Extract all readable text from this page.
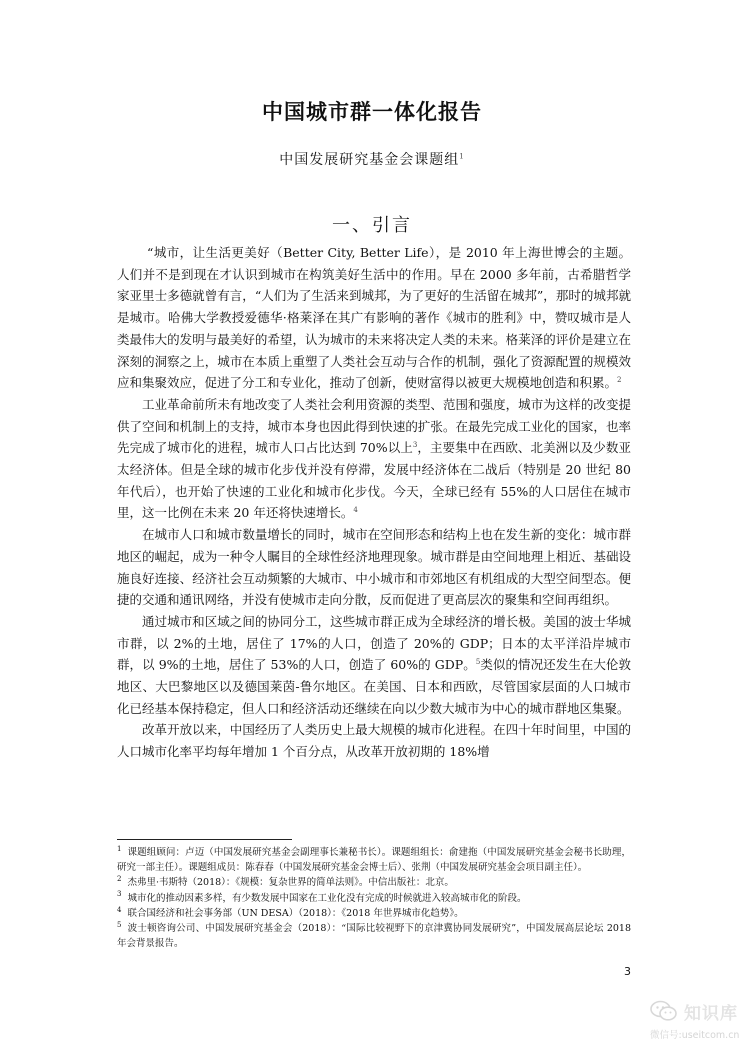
中国城市群一体化报告
中国发展研究基金会课题组$^1$
一、引言

“城市，让生活更美好（Better City, Better Life），是 2010 年上海世博会的主题。人们并不是到现在才认识到城市在构筑美好生活中的作用。早在 2000 多年前，古希腊哲学家亚里士多德就曾有言，“人们为了生活来到城邦，为了更好的生活留在城邦”，那时的城邦就是城市。哈佛大学教授爱德华·格莱泽在其广有影响的著作《城市的胜利》中，赞叹城市是人类最伟大的发明与最美好的希望，认为城市的未来将决定人类的未来。格莱泽的评价是建立在深刻的洞察之上，城市在本质上重塑了人类社会互动与合作的机制，强化了资源配置的规模效应和集聚效应，促进了分工和专业化，推动了创新，使财富得以被更大规模地创造和积累。$^2$

工业革命前所未有地改变了人类社会利用资源的类型、范围和强度，城市为这样的改变提供了空间和机制上的支持，城市本身也因此得到快速的扩张。在最先完成工业化的国家，也率先完成了城市化的进程，城市人口占比达到 70%以上$^3$，主要集中在西欧、北美洲以及少数亚太经济体。但是全球的城市化步伐并没有停滞，发展中经济体在二战后（特别是 20 世纪 80 年代后），也开始了快速的工业化和城市化步伐。今天，全球已经有 55%的人口居住在城市里，这一比例在未来 20 年还将快速增长。$^4$

在城市人口和城市数量增长的同时，城市在空间形态和结构上也在发生新的变化：城市群地区的崛起，成为一种令人瞩目的全球性经济地理现象。城市群是由空间地理上相近、基础设施良好连接、经济社会互动频繁的大城市、中小城市和市郊地区有机组成的大型空间型态。便捷的交通和通讯网络，并没有使城市走向分散，反而促进了更高层次的聚集和空间再组织。

通过城市和区域之间的协同分工，这些城市群正成为全球经济的增长极。美国的波士华城市群，以 2%的土地，居住了 17%的人口，创造了 20%的 GDP；日本的太平洋沿岸城市群，以 9%的土地，居住了 53%的人口，创造了 60%的 GDP。$^5$类似的情况还发生在大伦敦地区、大巴黎地区以及德国莱茵-鲁尔地区。在美国、日本和西欧，尽管国家层面的人口城市化已经基本保持稳定，但人口和经济活动还继续在向以少数大城市为中心的城市群地区集聚。

改革开放以来，中国经历了人类历史上最大规模的城市化进程。在四十年时间里，中国的人口城市化率平均每年增加 1 个百分点，从改革开放初期的 18%增

$^1$ 课题组顾问：卢迈（中国发展研究基金会副理事长兼秘书长）。课题组组长：俞建拖（中国发展研究基金会秘书长助理，研究一部主任）。课题组成员：陈春春（中国发展研究基金会博士后）、张荆（中国发展研究基金会项目副主任）。
$^2$ 杰弗里·韦斯特（2018）：《规模：复杂世界的简单法则》。中信出版社：北京。
$^3$ 城市化的推动因素多样，有少数发展中国家在工业化没有完成的时候就进入较高城市化的阶段。
$^4$ 联合国经济和社会事务部（UN DESA）（2018）：《2018 年世界城市化趋势》。
$^5$ 波士顿咨询公司、中国发展研究基金会（2018）：“国际比较视野下的京津冀协同发展研究”，中国发展高层论坛 2018 年会背景报告。
3
知识库
微信号:useitcom.cn
